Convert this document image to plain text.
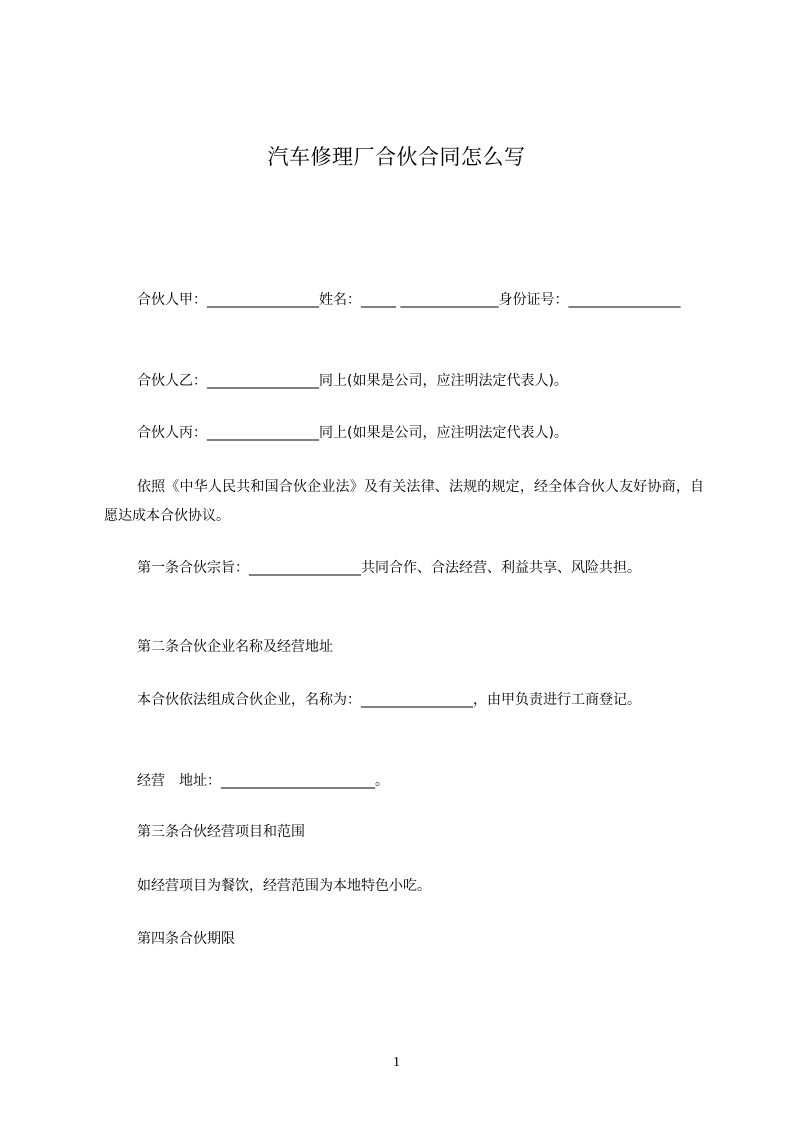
汽车修理厂合伙合同怎么写
合伙人甲：________________姓名：_____ ______________身份证号：________________
合伙人乙：________________同上(如果是公司，应注明法定代表人)。
合伙人丙：________________同上(如果是公司，应注明法定代表人)。
依照《中华人民共和国合伙企业法》及有关法律、法规的规定，经全体合伙人友好协商，自愿达成本合伙协议。
第一条合伙宗旨：________________共同合作、合法经营、利益共享、风险共担。
第二条合伙企业名称及经营地址
本合伙依法组成合伙企业，名称为：________________，由甲负责进行工商登记。
经营　地址：______________________。
第三条合伙经营项目和范围
如经营项目为餐饮，经营范围为本地特色小吃。
第四条合伙期限
1
